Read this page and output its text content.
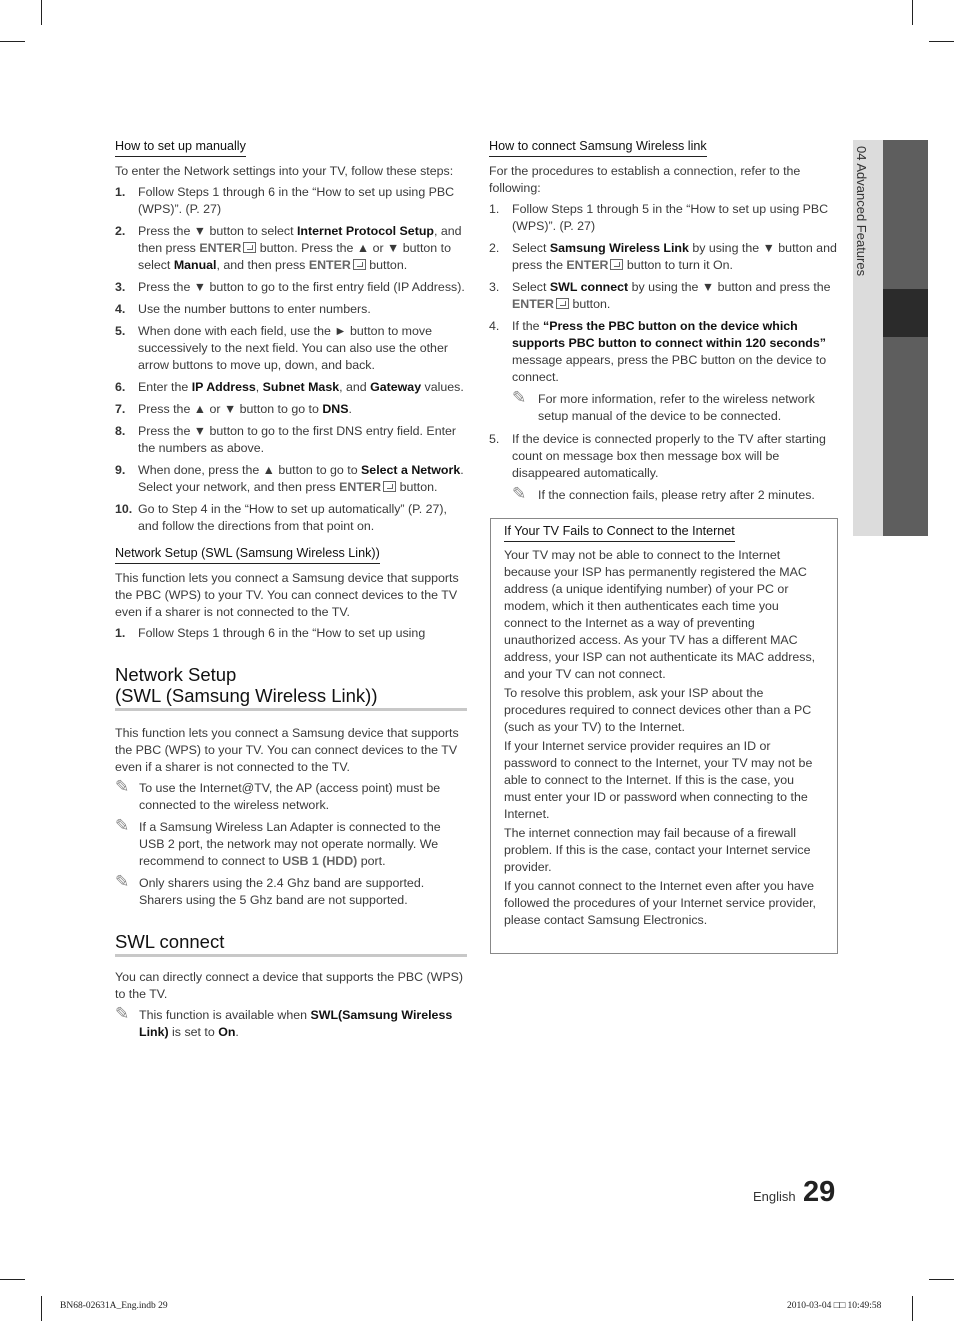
04 Advanced Features
How to set up manually

To enter the Network settings into your TV, follow these steps:

1. Follow Steps 1 through 6 in the “How to set up using PBC (WPS)”. (P. 27)
2. Press the ▼ button to select Internet Protocol Setup, and then press ENTER button. Press the ▲ or ▼ button to select Manual, and then press ENTER button.
3. Press the ▼ button to go to the first entry field (IP Address).
4. Use the number buttons to enter numbers.
5. When done with each field, use the ► button to move successively to the next field. You can also use the other arrow buttons to move up, down, and back.
6. Enter the IP Address, Subnet Mask, and Gateway values.
7. Press the ▲ or ▼ button to go to DNS.
8. Press the ▼ button to go to the first DNS entry field. Enter the numbers as above.
9. When done, press the ▲ button to go to Select a Network. Select your network, and then press ENTER button.
10. Go to Step 4 in the “How to set up automatically” (P. 27), and follow the directions from that point on.
Network Setup (SWL (Samsung Wireless Link))

This function lets you connect a Samsung device that supports the PBC (WPS) to your TV. You can connect devices to the TV even if a sharer is not connected to the TV.

1. Follow Steps 1 through 6 in the “How to set up using
Network Setup
(SWL (Samsung Wireless Link))

This function lets you connect a Samsung device that supports the PBC (WPS) to your TV. You can connect devices to the TV even if a sharer is not connected to the TV.

✎ To use the Internet@TV, the AP (access point) must be connected to the wireless network.
✎ If a Samsung Wireless Lan Adapter is connected to the USB 2 port, the network may not operate normally. We recommend to connect to USB 1 (HDD) port.
✎ Only sharers using the 2.4 Ghz band are supported. Sharers using the 5 Ghz band are not supported.
SWL connect

You can directly connect a device that supports the PBC (WPS) to the TV.

✎ This function is available when SWL(Samsung Wireless Link) is set to On.
How to connect Samsung Wireless link

For the procedures to establish a connection, refer to the following:

1. Follow Steps 1 through 5 in the “How to set up using PBC (WPS)”. (P. 27)
2. Select Samsung Wireless Link by using the ▼ button and press the ENTER button to turn it On.
3. Select SWL connect by using the ▼ button and press the ENTER button.
4. If the “Press the PBC button on the device which supports PBC button to connect within 120 seconds” message appears, press the PBC button on the device to connect.
✎ For more information, refer to the wireless network setup manual of the device to be connected.
5. If the device is connected properly to the TV after starting count on message box then message box will be disappeared automatically.
✎ If the connection fails, please retry after 2 minutes.
If Your TV Fails to Connect to the Internet

Your TV may not be able to connect to the Internet because your ISP has permanently registered the MAC address (a unique identifying number) of your PC or modem, which it then authenticates each time you connect to the Internet as a way of preventing unauthorized access. As your TV has a different MAC address, your ISP can not authenticate its MAC address, and your TV can not connect.

To resolve this problem, ask your ISP about the procedures required to connect devices other than a PC (such as your TV) to the Internet.

If your Internet service provider requires an ID or password to connect to the Internet, your TV may not be able to connect to the Internet. If this is the case, you must enter your ID or password when connecting to the Internet.

The internet connection may fail because of a firewall problem. If this is the case, contact your Internet service provider.

If you cannot connect to the Internet even after you have followed the procedures of your Internet service provider, please contact Samsung Electronics.

English 29
BN68-02631A_Eng.indb 29	2010-03-04 □□ 10:49:58
